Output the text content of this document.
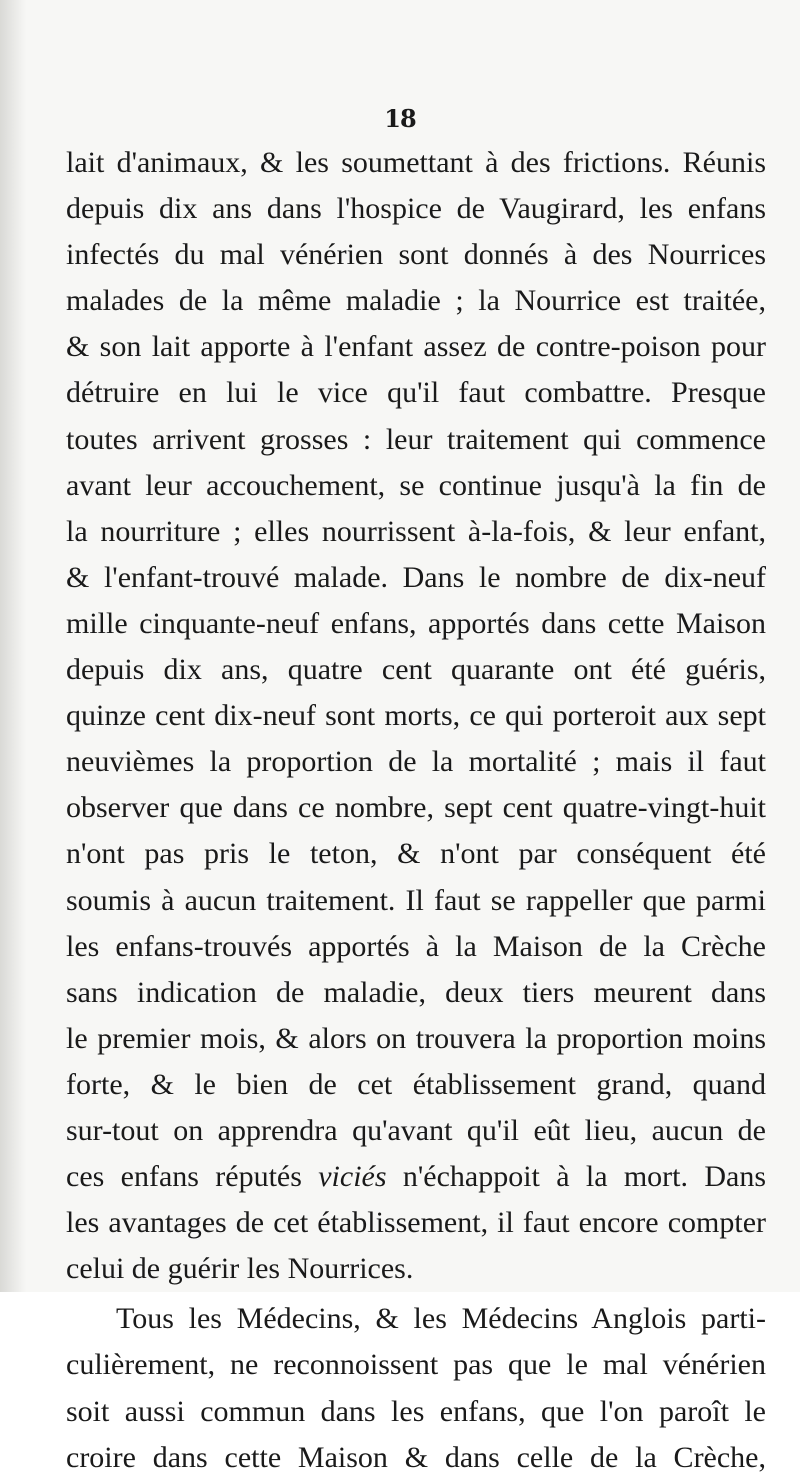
18
lait d'animaux, & les soumettant à des frictions. Réunis
depuis dix ans dans l'hospice de Vaugirard, les enfans
infectés du mal vénérien sont donnés à des Nourrices
malades de la même maladie ; la Nourrice est traitée,
& son lait apporte à l'enfant assez de contre-poison pour
détruire en lui le vice qu'il faut combattre. Presque
toutes arrivent grosses : leur traitement qui commence
avant leur accouchement, se continue jusqu'à la fin de
la nourriture ; elles nourrissent à-la-fois, & leur enfant,
& l'enfant-trouvé malade. Dans le nombre de dix-neuf
mille cinquante-neuf enfans, apportés dans cette Maison
depuis dix ans, quatre cent quarante ont été guéris,
quinze cent dix-neuf sont morts, ce qui porteroit aux sept
neuvièmes la proportion de la mortalité ; mais il faut
observer que dans ce nombre, sept cent quatre-vingt-huit
n'ont pas pris le teton, & n'ont par conséquent été
soumis à aucun traitement. Il faut se rappeller que parmi
les enfans-trouvés apportés à la Maison de la Crèche
sans indication de maladie, deux tiers meurent dans
le premier mois, & alors on trouvera la proportion moins
forte, & le bien de cet établissement grand, quand
sur-tout on apprendra qu'avant qu'il eût lieu, aucun de
ces enfans réputés viciés n'échappoit à la mort. Dans
les avantages de cet établissement, il faut encore compter
celui de guérir les Nourrices.
Tous les Médecins, & les Médecins Anglois parti-
culièrement, ne reconnoissent pas que le mal vénérien
soit aussi commun dans les enfans, que l'on paroît le
croire dans cette Maison & dans celle de la Crèche,
